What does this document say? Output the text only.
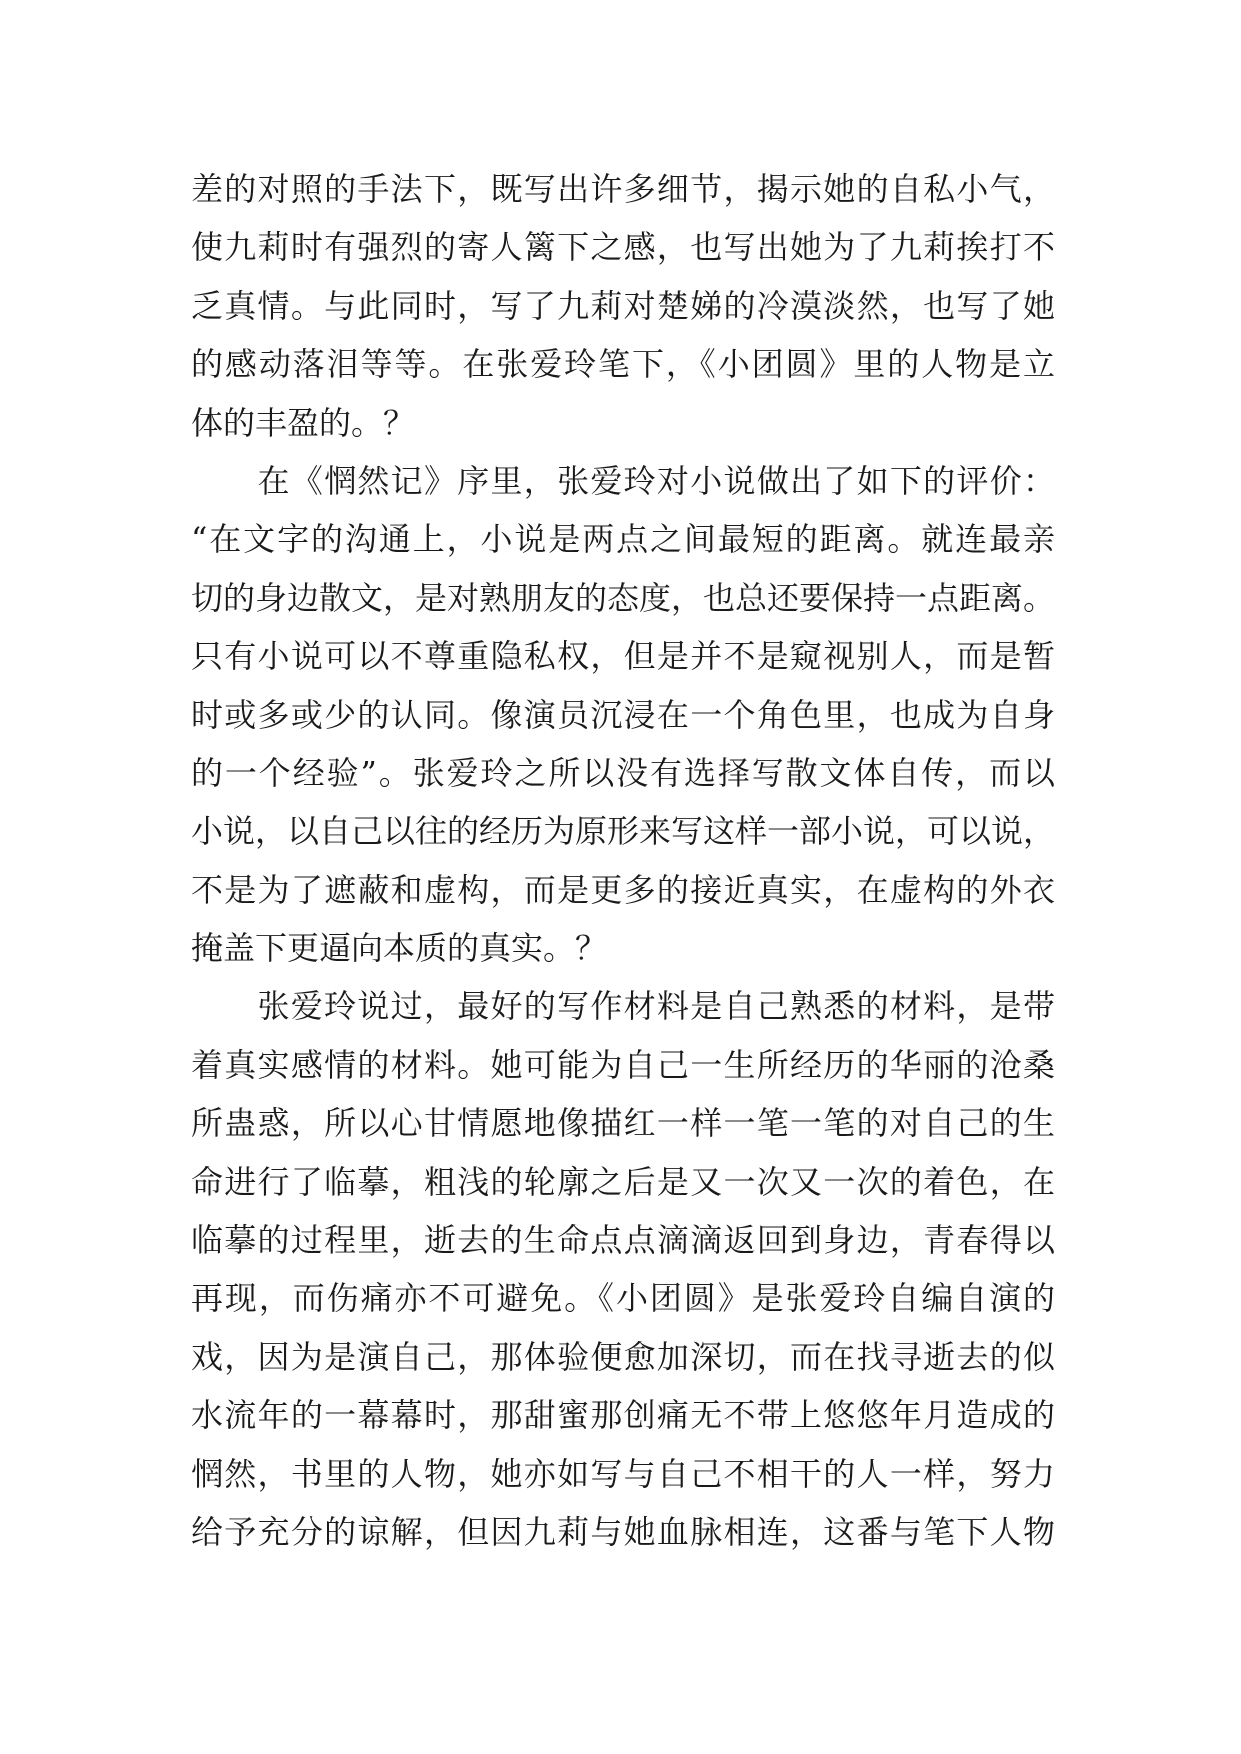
差的对照的手法下，既写出许多细节，揭示她的自私小气，
使九莉时有强烈的寄人篱下之感，也写出她为了九莉挨打不
乏真情。与此同时，写了九莉对楚娣的冷漠淡然，也写了她
的感动落泪等等。在张爱玲笔下，《小团圆》里的人物是立
体的丰盈的。？
　　在《惘然记》序里，张爱玲对小说做出了如下的评价：
“在文字的沟通上，小说是两点之间最短的距离。就连最亲
切的身边散文，是对熟朋友的态度，也总还要保持一点距离。
只有小说可以不尊重隐私权，但是并不是窥视别人，而是暂
时或多或少的认同。像演员沉浸在一个角色里，也成为自身
的一个经验”。张爱玲之所以没有选择写散文体自传，而以
小说，以自己以往的经历为原形来写这样一部小说，可以说，
不是为了遮蔽和虚构，而是更多的接近真实，在虚构的外衣
掩盖下更逼向本质的真实。？
　　张爱玲说过，最好的写作材料是自己熟悉的材料，是带
着真实感情的材料。她可能为自己一生所经历的华丽的沧桑
所蛊惑，所以心甘情愿地像描红一样一笔一笔的对自己的生
命进行了临摹，粗浅的轮廓之后是又一次又一次的着色，在
临摹的过程里，逝去的生命点点滴滴返回到身边，青春得以
再现，而伤痛亦不可避免。《小团圆》是张爱玲自编自演的
戏，因为是演自己，那体验便愈加深切，而在找寻逝去的似
水流年的一幕幕时，那甜蜜那创痛无不带上悠悠年月造成的
惘然，书里的人物，她亦如写与自己不相干的人一样，努力
给予充分的谅解，但因九莉与她血脉相连，这番与笔下人物
